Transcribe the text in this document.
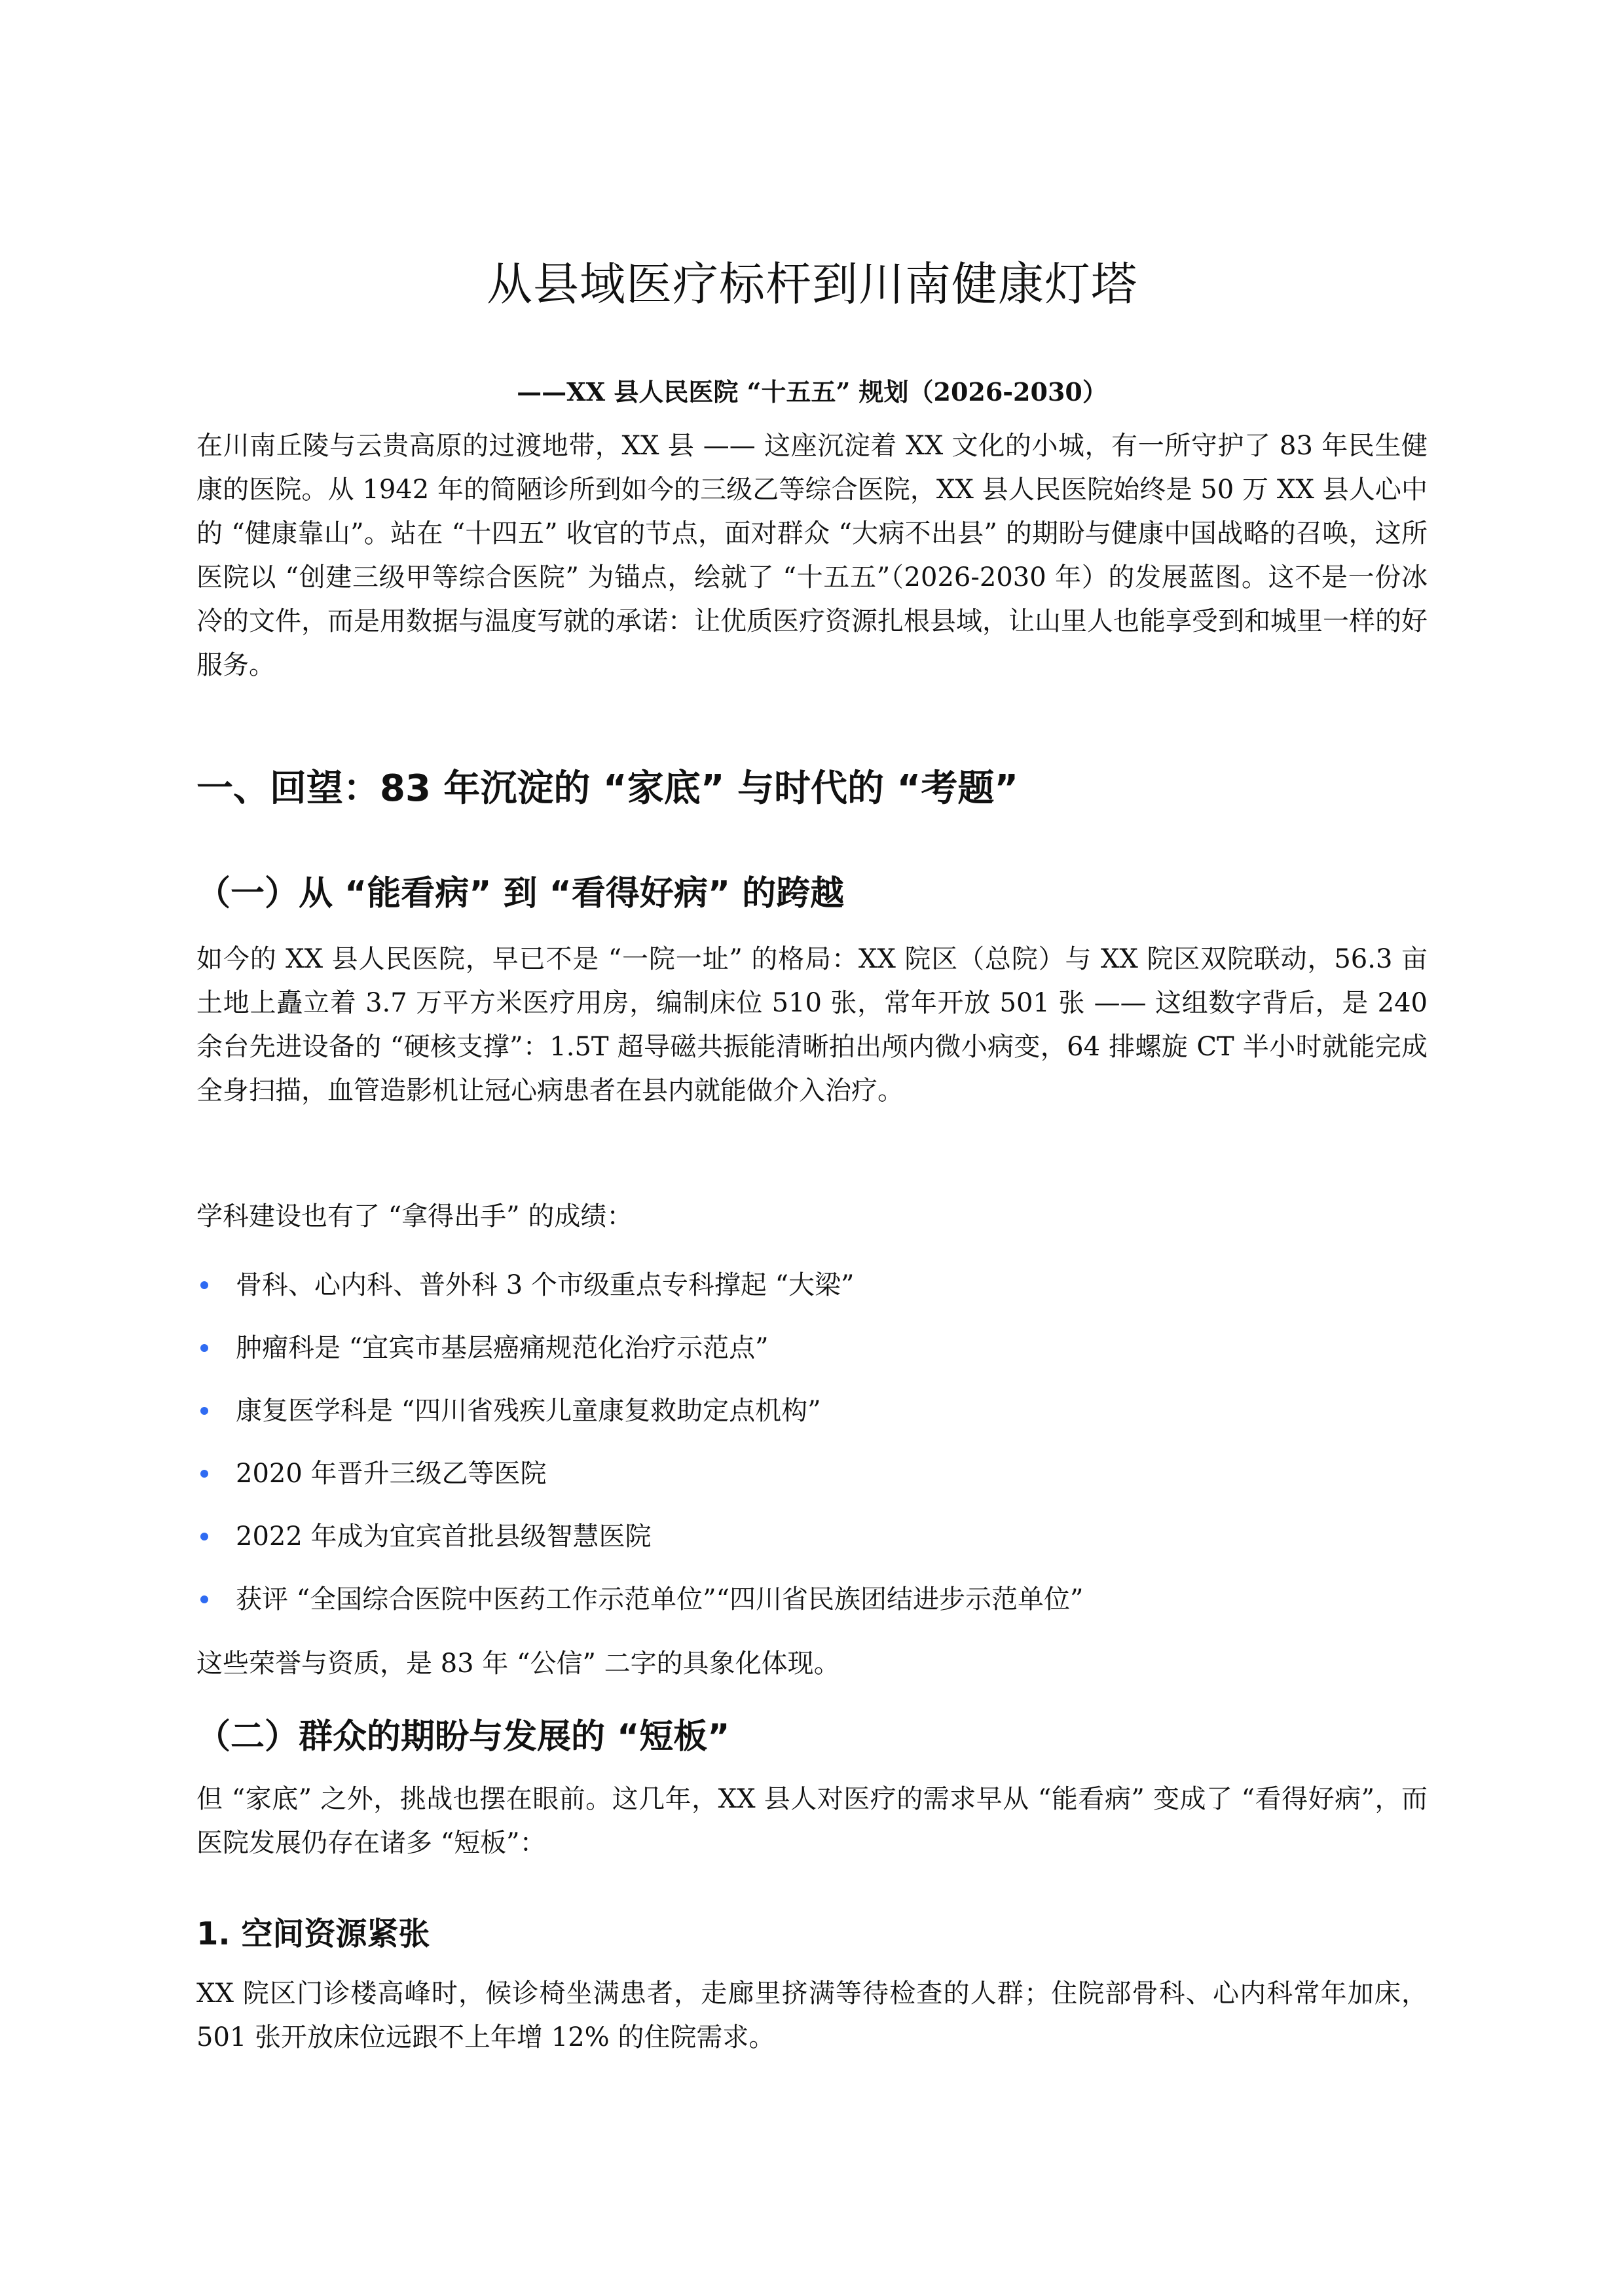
从县域医疗标杆到川南健康灯塔

——XX 县人民医院 “十五五” 规划（2026-2030）

在川南丘陵与云贵高原的过渡地带，XX 县 —— 这座沉淀着 XX 文化的小城，有一所守护了 83 年民生健康的医院。从 1942 年的简陋诊所到如今的三级乙等综合医院，XX 县人民医院始终是 50 万 XX 县人心中的 “健康靠山”。站在 “十四五” 收官的节点，面对群众 “大病不出县” 的期盼与健康中国战略的召唤，这所医院以 “创建三级甲等综合医院” 为锚点，绘就了 “十五五”（2026-2030 年）的发展蓝图。这不是一份冰冷的文件，而是用数据与温度写就的承诺：让优质医疗资源扎根县域，让山里人也能享受到和城里一样的好服务。

一、回望：83 年沉淀的 “家底” 与时代的 “考题”
（一）从 “能看病” 到 “看得好病” 的跨越

如今的 XX 县人民医院，早已不是 “一院一址” 的格局：XX 院区（总院）与 XX 院区双院联动，56.3 亩土地上矗立着 3.7 万平方米医疗用房，编制床位 510 张，常年开放 501 张 —— 这组数字背后，是 240 余台先进设备的 “硬核支撑”：1.5T 超导磁共振能清晰拍出颅内微小病变，64 排螺旋 CT 半小时就能完成全身扫描，血管造影机让冠心病患者在县内就能做介入治疗。

学科建设也有了 “拿得出手” 的成绩：

骨科、心内科、普外科 3 个市级重点专科撑起 “大梁”
肿瘤科是 “宜宾市基层癌痛规范化治疗示范点”
康复医学科是 “四川省残疾儿童康复救助定点机构”
2020 年晋升三级乙等医院
2022 年成为宜宾首批县级智慧医院
获评 “全国综合医院中医药工作示范单位”“四川省民族团结进步示范单位”

这些荣誉与资质，是 83 年 “公信” 二字的具象化体现。

（二）群众的期盼与发展的 “短板”

但 “家底” 之外，挑战也摆在眼前。这几年，XX 县人对医疗的需求早从 “能看病” 变成了 “看得好病”，而医院发展仍存在诸多 “短板”：

1. 空间资源紧张

XX 院区门诊楼高峰时，候诊椅坐满患者，走廊里挤满等待检查的人群；住院部骨科、心内科常年加床，501 张开放床位远跟不上年增 12% 的住院需求。
